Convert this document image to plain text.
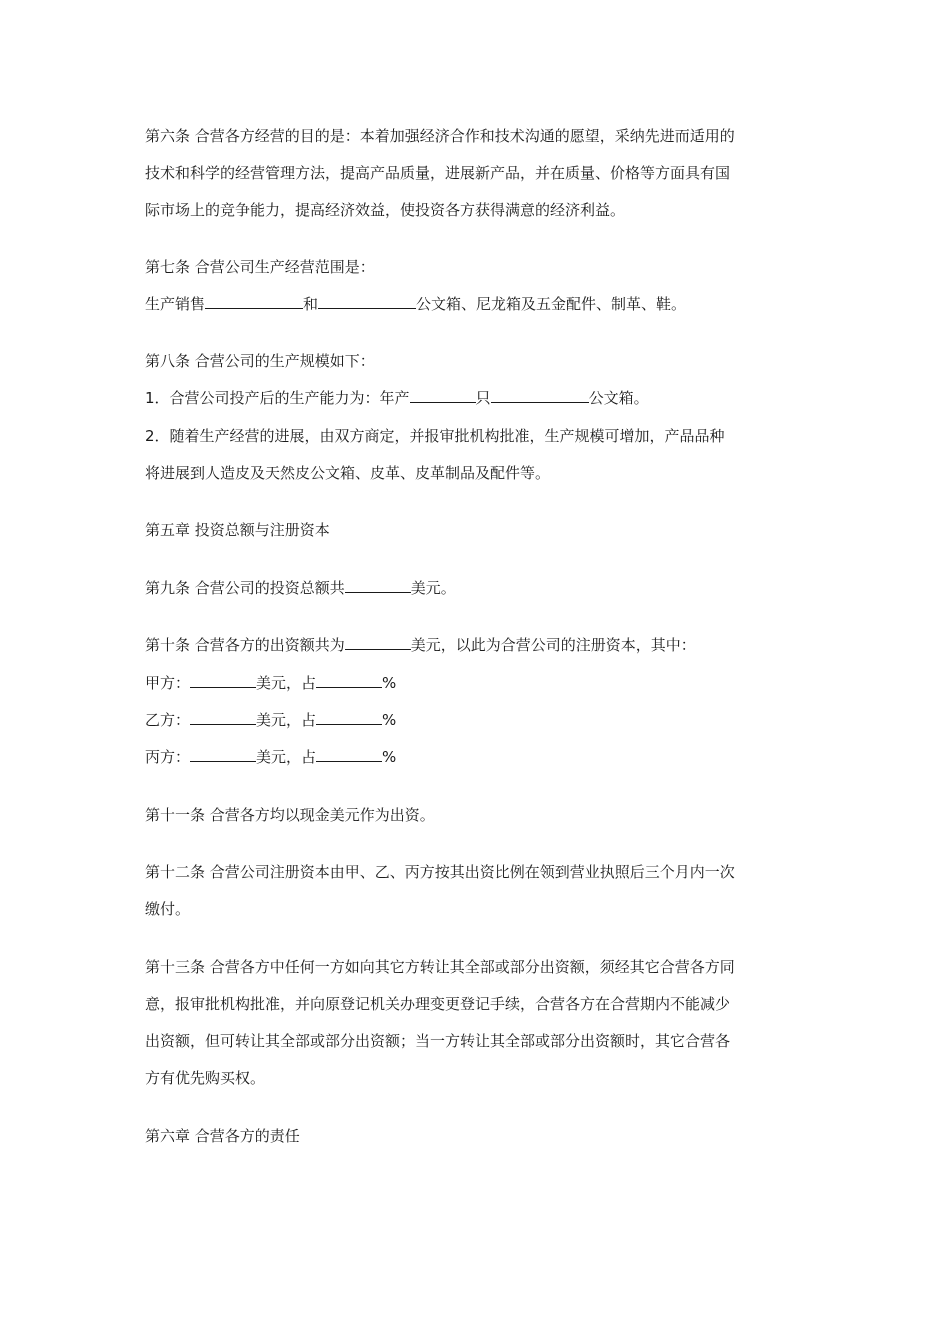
第六条 合营各方经营的目的是：本着加强经济合作和技术沟通的愿望，采纳先进而适用的
技术和科学的经营管理方法，提高产品质量，进展新产品，并在质量、价格等方面具有国
际市场上的竞争能力，提高经济效益，使投资各方获得满意的经济利益。
第七条 合营公司生产经营范围是：
生产销售	和	公文箱、尼龙箱及五金配件、制革、鞋。
第八条 合营公司的生产规模如下：
1．合营公司投产后的生产能力为：年产	只	公文箱。
2．随着生产经营的进展，由双方商定，并报审批机构批准，生产规模可增加，产品品种
将进展到人造皮及天然皮公文箱、皮革、皮革制品及配件等。
第五章 投资总额与注册资本
第九条 合营公司的投资总额共	美元。
第十条 合营各方的出资额共为	美元，以此为合营公司的注册资本，其中：
甲方：	美元，占	%
乙方：	美元，占	%
丙方：	美元，占	%
第十一条 合营各方均以现金美元作为出资。
第十二条 合营公司注册资本由甲、乙、丙方按其出资比例在领到营业执照后三个月内一次
缴付。
第十三条 合营各方中任何一方如向其它方转让其全部或部分出资额，须经其它合营各方同
意，报审批机构批准，并向原登记机关办理变更登记手续，合营各方在合营期内不能减少
出资额，但可转让其全部或部分出资额；当一方转让其全部或部分出资额时，其它合营各
方有优先购买权。
第六章 合营各方的责任
